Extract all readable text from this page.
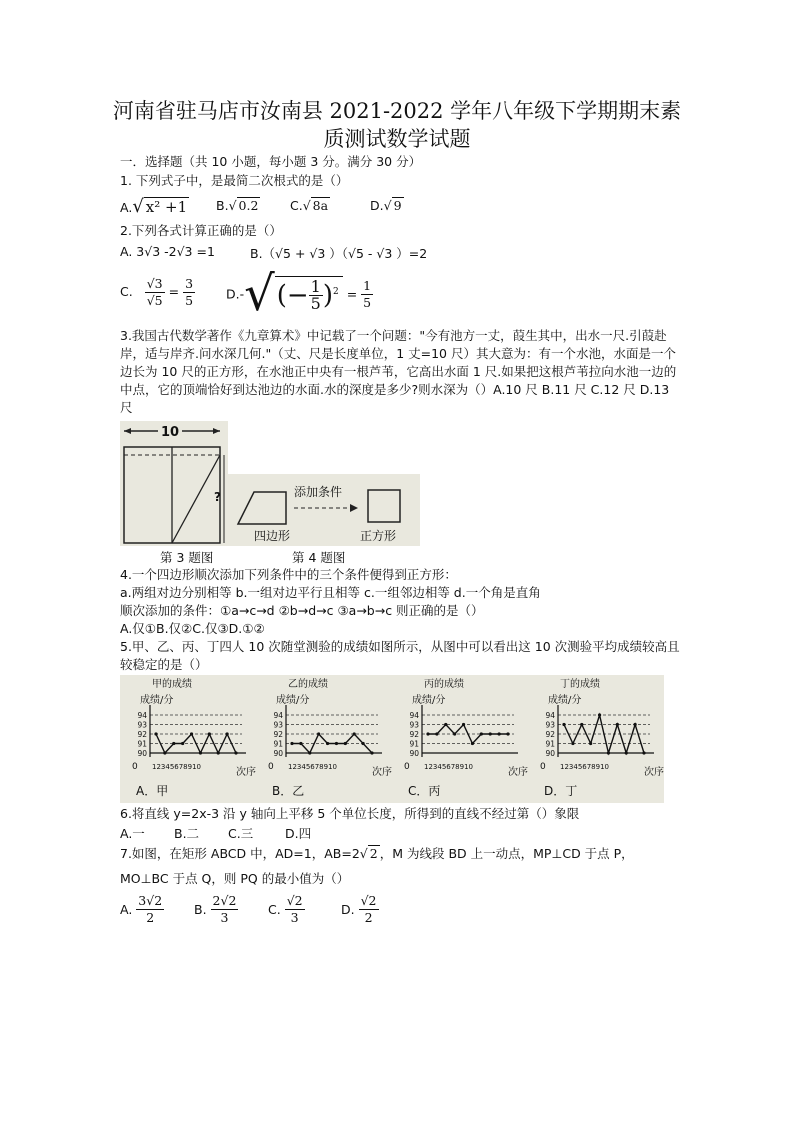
河南省驻马店市汝南县 2021-2022 学年八年级下学期期末素
质测试数学试题
一．选择题（共 10 小题，每小题 3 分。满分 30 分）
1. 下列式子中，是最简二次根式的是（）
A.√ x² +1 B.√ 0.2	C.√ 8a	D.√ 9
2.下列各式计算正确的是（）
A. 3√3 -2√3 =1	B.（√5 + √3 ）（√5 - √3 ）=2
C. $\frac{√3}{√5} = \frac{3}{5} D.-√(- \frac{1}{5} )^2 = \frac{1}{5}$
3.我国古代数学著作《九章算术》中记载了一个问题："今有池方一丈，葭生其中，出水一尺.引葭赴岸，适与岸齐.问水深几何."（丈、尺是长度单位，1 丈=10 尺）其大意为：有一个水池，水面是一个边长为 10 尺的正方形，在水池正中央有一根芦苇，它高出水面 1 尺.如果把这根芦苇拉向水池一边的中点，它的顶端恰好到达池边的水面.水的深度是多少?则水深为（）A.10 尺 B.11 尺 C.12 尺 D.13 尺
10
?
四边形
添加条件
正方形
第 3 题图	第 4 题图
4.一个四边形顺次添加下列条件中的三个条件便得到正方形：
a.两组对边分别相等 b.一组对边平行且相等 c.一组邻边相等 d.一个角是直角
顺次添加的条件：①a→c→d ②b→d→c ③a→b→c 则正确的是（）
A.仅①B.仅②C.仅③D.①②
5.甲、乙、丙、丁四人 10 次随堂测验的成绩如图所示，从图中可以看出这 10 次测验平均成绩较高且较稳定的是（）
甲的成绩
成绩/分
90
91
92
93
94
0 12345678910	次序
A．甲
乙的成绩
成绩/分
90
91
92
93
94
0 12345678910	次序
B．乙
丙的成绩
成绩/分
90
91
92
93
94
0 12345678910	次序
C．丙
丁的成绩
成绩/分
90
91
92
93
94
0 12345678910	次序
D．丁
6.将直线 y=2x-3 沿 y 轴向上平移 5 个单位长度，所得到的直线不经过第（）象限
A.一 B.二 C.三	D.四
7.如图，在矩形 ABCD 中，AD=1，AB=2√ 2 ，M 为线段 BD 上一动点，MP⊥CD 于点 P，
MO⊥BC 于点 Q，则 PQ 的最小值为（）
A. $\frac{3√2}{2} B$. $\frac{2√2}{3} C$. $\frac{√2}{3}$	D. $\frac{√2}{2}$
